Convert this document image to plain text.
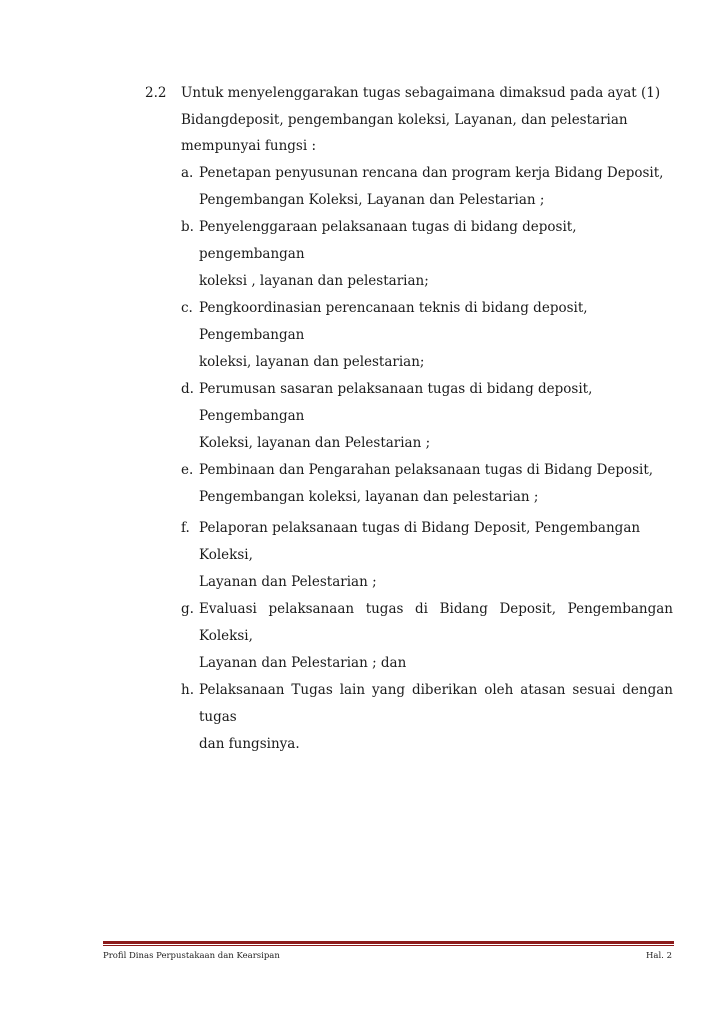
2.2 Untuk menyelenggarakan tugas sebagaimana dimaksud pada ayat (1)
Bidangdeposit, pengembangan koleksi, Layanan, dan pelestarian
mempunyai fungsi :
a. Penetapan penyusunan rencana dan program kerja Bidang Deposit,
Pengembangan Koleksi, Layanan dan Pelestarian ;
b. Penyelenggaraan pelaksanaan tugas di bidang deposit, pengembangan
koleksi , layanan dan pelestarian;
c. Pengkoordinasian perencanaan teknis di bidang deposit, Pengembangan
koleksi, layanan dan pelestarian;
d. Perumusan sasaran pelaksanaan tugas di bidang deposit, Pengembangan
Koleksi, layanan dan Pelestarian ;
e. Pembinaan dan Pengarahan pelaksanaan tugas di Bidang Deposit,
Pengembangan koleksi, layanan dan pelestarian ;
f. Pelaporan pelaksanaan tugas di Bidang Deposit, Pengembangan Koleksi,
Layanan dan Pelestarian ;
g. Evaluasi pelaksanaan tugas di Bidang Deposit, Pengembangan Koleksi,
Layanan dan Pelestarian ; dan
h. Pelaksanaan Tugas lain yang diberikan oleh atasan sesuai dengan tugas
dan fungsinya.
Profil Dinas Perpustakaan dan Kearsipan	Hal. 2
